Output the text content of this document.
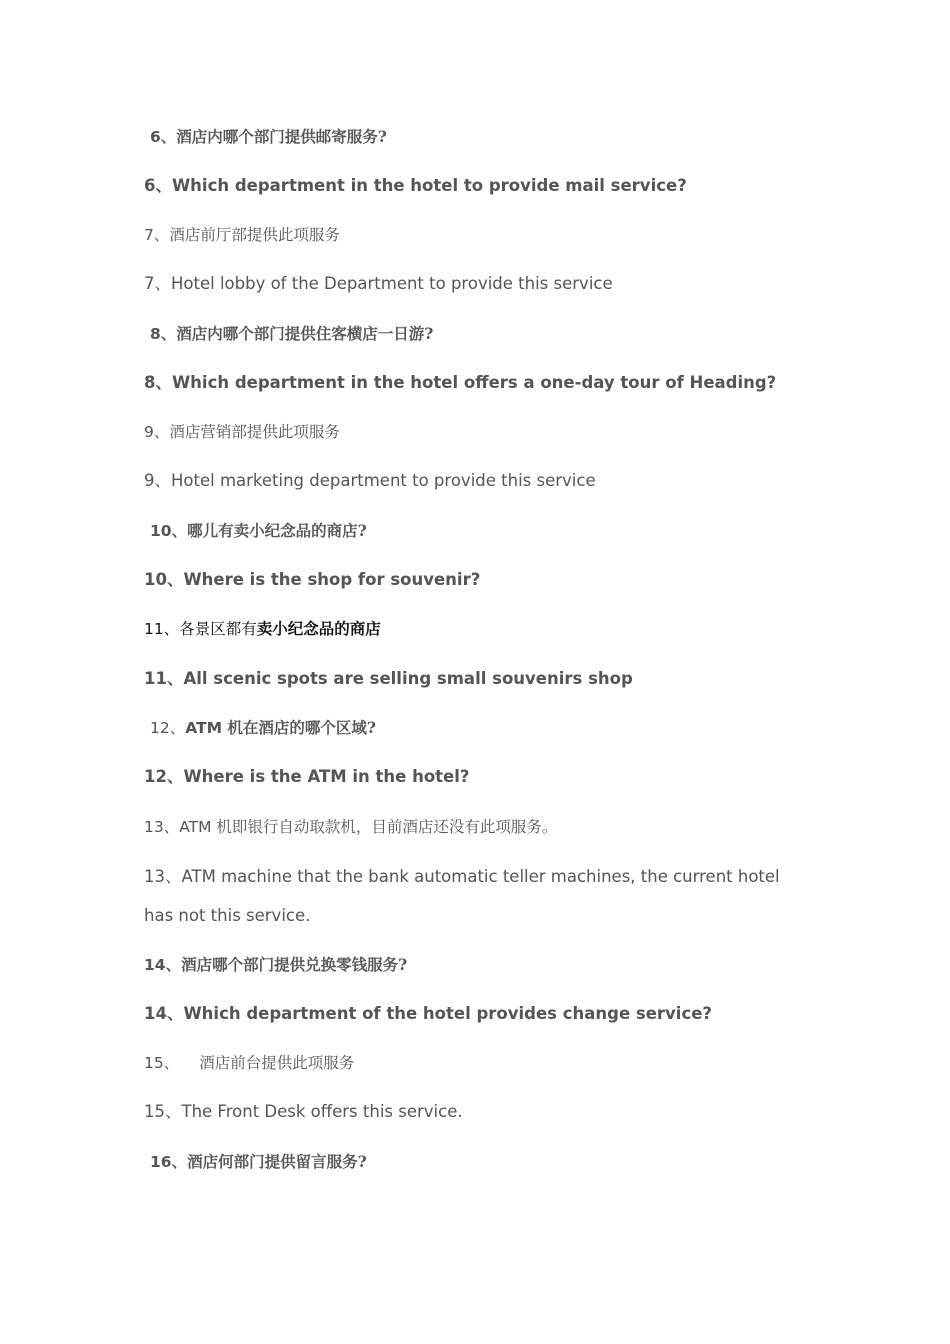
6、酒店内哪个部门提供邮寄服务?
6、Which department in the hotel to provide mail service?
7、酒店前厅部提供此项服务
7、Hotel lobby of the Department to provide this service
8、酒店内哪个部门提供住客横店一日游?
8、Which department in the hotel offers a one-day tour of Heading?
9、酒店营销部提供此项服务
9、Hotel marketing department to provide this service
10、哪儿有卖小纪念品的商店?
10、Where is the shop for souvenir?
11、各景区都有卖小纪念品的商店
11、All scenic spots are selling small souvenirs shop
12、ATM 机在酒店的哪个区域?
12、Where is the ATM in the hotel?
13、ATM 机即银行自动取款机，目前酒店还没有此项服务。
13、ATM machine that the bank automatic teller machines, the current hotel has not this service.
14、酒店哪个部门提供兑换零钱服务?
14、Which department of the hotel provides change service?
15、 酒店前台提供此项服务
15、The Front Desk offers this service.
16、酒店何部门提供留言服务?
